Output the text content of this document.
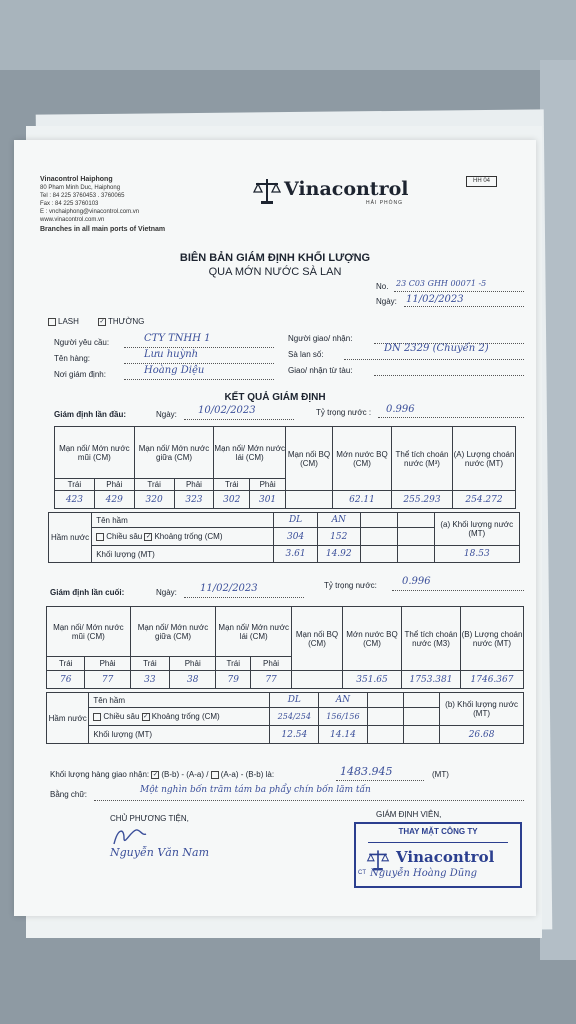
Vinacontrol Haiphong
80 Pham Minh Duc, Haiphong
Tel : 84 225 3760453 . 3760065
Fax : 84 225 3760103
E : vnchaiphong@vinacontrol.com.vn
www.vinacontrol.com.vn
Branches in all main ports of Vietnam
Vinacontrol
HẢI PHÒNG
HH 04
BIÊN BẢN GIÁM ĐỊNH KHỐI LƯỢNG
QUA MỚN NƯỚC SÀ LAN
No. 23 C03 GHH 00071 -5
Ngày: 11/02/2023
LASH	✓ THƯỜNG
Người yêu cầu:	CTY TNHH 1
Tên hàng:	Lưu huỳnh
Nơi giám định:	Hoàng Diệu
Người giao/ nhận:
Sà lan số:
DN 2329 (Chuyến 2)
Giao/ nhận từ tàu:
KẾT QUẢ GIÁM ĐỊNH
Giám định lần đầu:	Ngày: 10/02/2023	Tỷ trọng nước : 0.996
Mạn nối/ Mớn nước mũi (CM)		Mạn nối/ Mớn nước giữa (CM)		Mạn nối/ Mớn nước lái (CM)		Mạn nối BQ (CM)	Mớn nước BQ (CM)	Thể tích choán nước (M³)	(A) Lượng choán nước (MT)
Trái	Phải	Trái	Phải	Trái	Phải				
423	429	320	323	302	301		62.11	255.293	254.272
Hầm nước	Tên hầm	DL	AN			(a) Khối lượng nước (MT)
	Chiều sâu ✓ Khoảng trống (CM)	304	152			
	Khối lượng (MT)	3.61	14.92			18.53
Giám định lần cuối:	Ngày: 11/02/2023	Tỷ trọng nước:	0.996
Mạn nối/ Mớn nước mũi (CM)		Mạn nối/ Mớn nước giữa (CM)		Mạn nối/ Mớn nước lái (CM)		Mạn nối BQ (CM)	Mớn nước BQ (CM)	Thể tích choán nước (M3)	(B) Lượng choán nước (MT)
Trái	Phải	Trái	Phải	Trái	Phải				
76	77	33	38	79	77		351.65	1753.381	1746.367
Hầm nước	Tên hầm	DL	AN			(b) Khối lượng nước (MT)
	Chiều sâu ✓ Khoảng trống (CM)	254/254	156/156			
	Khối lượng (MT)	12.54	14.14			26.68
Khối lượng hàng giao nhận: ✓ (B-b) - (A-a) / (A-a) - (B-b) là:	1483.945	(MT)
Bằng chữ:	Một nghìn bốn trăm tám ba phẩy chín bốn lăm tấn
CHỦ PHƯƠNG TIỆN,
Nguyễn Văn Nam
GIÁM ĐỊNH VIÊN,
THAY MẶT CÔNG TY
Vinacontrol
CT Nguyễn Hoàng Dũng
